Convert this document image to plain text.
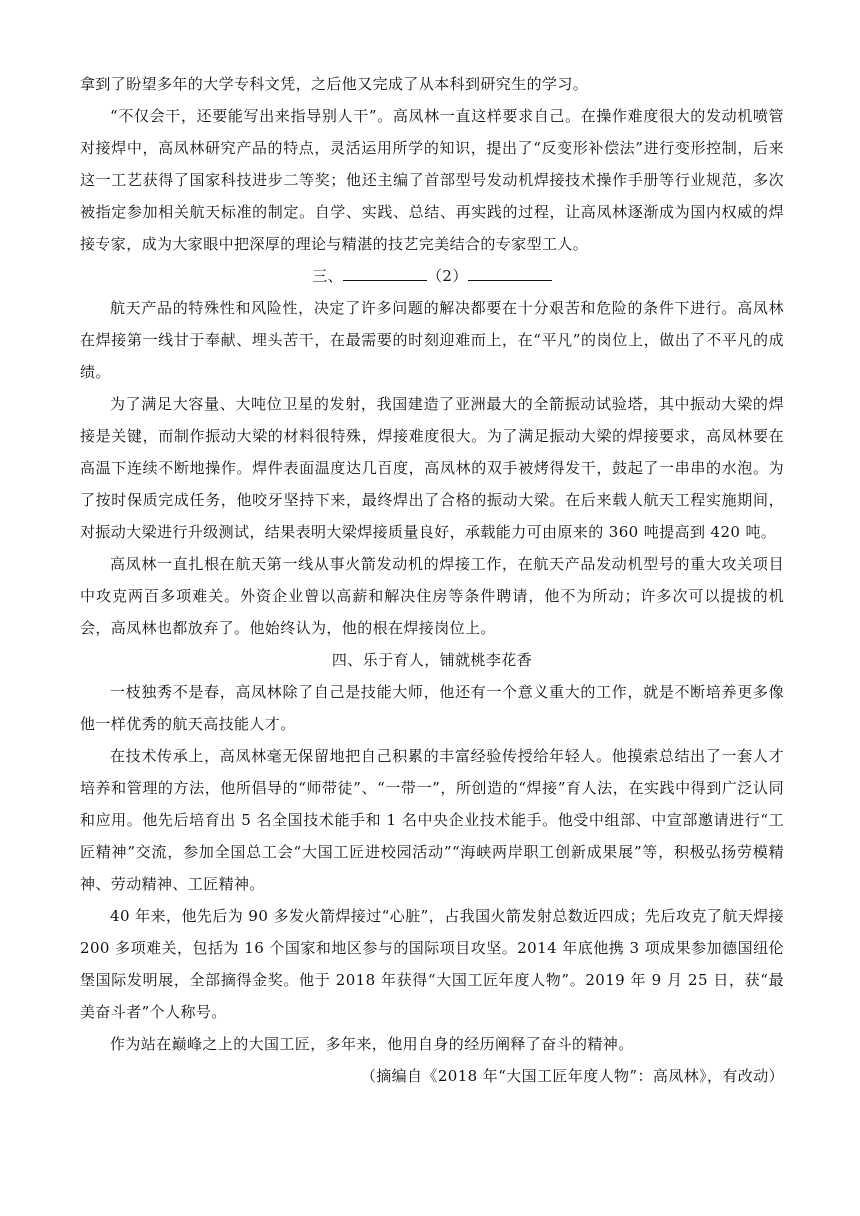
拿到了盼望多年的大学专科文凭，之后他又完成了从本科到研究生的学习。

“不仅会干，还要能写出来指导别人干”。高凤林一直这样要求自己。在操作难度很大的发动机喷管对接焊中，高凤林研究产品的特点，灵活运用所学的知识，提出了“反变形补偿法”进行变形控制，后来这一工艺获得了国家科技进步二等奖；他还主编了首部型号发动机焊接技术操作手册等行业规范，多次被指定参加相关航天标准的制定。自学、实践、总结、再实践的过程，让高凤林逐渐成为国内权威的焊接专家，成为大家眼中把深厚的理论与精湛的技艺完美结合的专家型工人。

三、	（2）

航天产品的特殊性和风险性，决定了许多问题的解决都要在十分艰苦和危险的条件下进行。高凤林在焊接第一线甘于奉献、埋头苦干，在最需要的时刻迎难而上，在“平凡”的岗位上，做出了不平凡的成绩。

为了满足大容量、大吨位卫星的发射，我国建造了亚洲最大的全箭振动试验塔，其中振动大梁的焊接是关键，而制作振动大梁的材料很特殊，焊接难度很大。为了满足振动大梁的焊接要求，高凤林要在高温下连续不断地操作。焊件表面温度达几百度，高凤林的双手被烤得发干，鼓起了一串串的水泡。为了按时保质完成任务，他咬牙坚持下来，最终焊出了合格的振动大梁。在后来载人航天工程实施期间，对振动大梁进行升级测试，结果表明大梁焊接质量良好，承载能力可由原来的 360 吨提高到 420 吨。

高凤林一直扎根在航天第一线从事火箭发动机的焊接工作，在航天产品发动机型号的重大攻关项目中攻克两百多项难关。外资企业曾以高薪和解决住房等条件聘请，他不为所动；许多次可以提拔的机会，高凤林也都放弃了。他始终认为，他的根在焊接岗位上。

四、乐于育人，铺就桃李花香

一枝独秀不是春，高凤林除了自己是技能大师，他还有一个意义重大的工作，就是不断培养更多像他一样优秀的航天高技能人才。

在技术传承上，高凤林毫无保留地把自己积累的丰富经验传授给年轻人。他摸索总结出了一套人才培养和管理的方法，他所倡导的“师带徒”、“一带一”，所创造的“焊接”育人法，在实践中得到广泛认同和应用。他先后培育出 5 名全国技术能手和 1 名中央企业技术能手。他受中组部、中宣部邀请进行“工匠精神”交流，参加全国总工会“大国工匠进校园活动”“海峡两岸职工创新成果展”等，积极弘扬劳模精神、劳动精神、工匠精神。

40 年来，他先后为 90 多发火箭焊接过“心脏”，占我国火箭发射总数近四成；先后攻克了航天焊接 200 多项难关，包括为 16 个国家和地区参与的国际项目攻坚。2014 年底他携 3 项成果参加德国纽伦堡国际发明展，全部摘得金奖。他于 2018 年获得“大国工匠年度人物”。2019 年 9 月 25 日，获“最美奋斗者”个人称号。

作为站在巅峰之上的大国工匠，多年来，他用自身的经历阐释了奋斗的精神。

（摘编自《2018 年“大国工匠年度人物”：高凤林》，有改动）
